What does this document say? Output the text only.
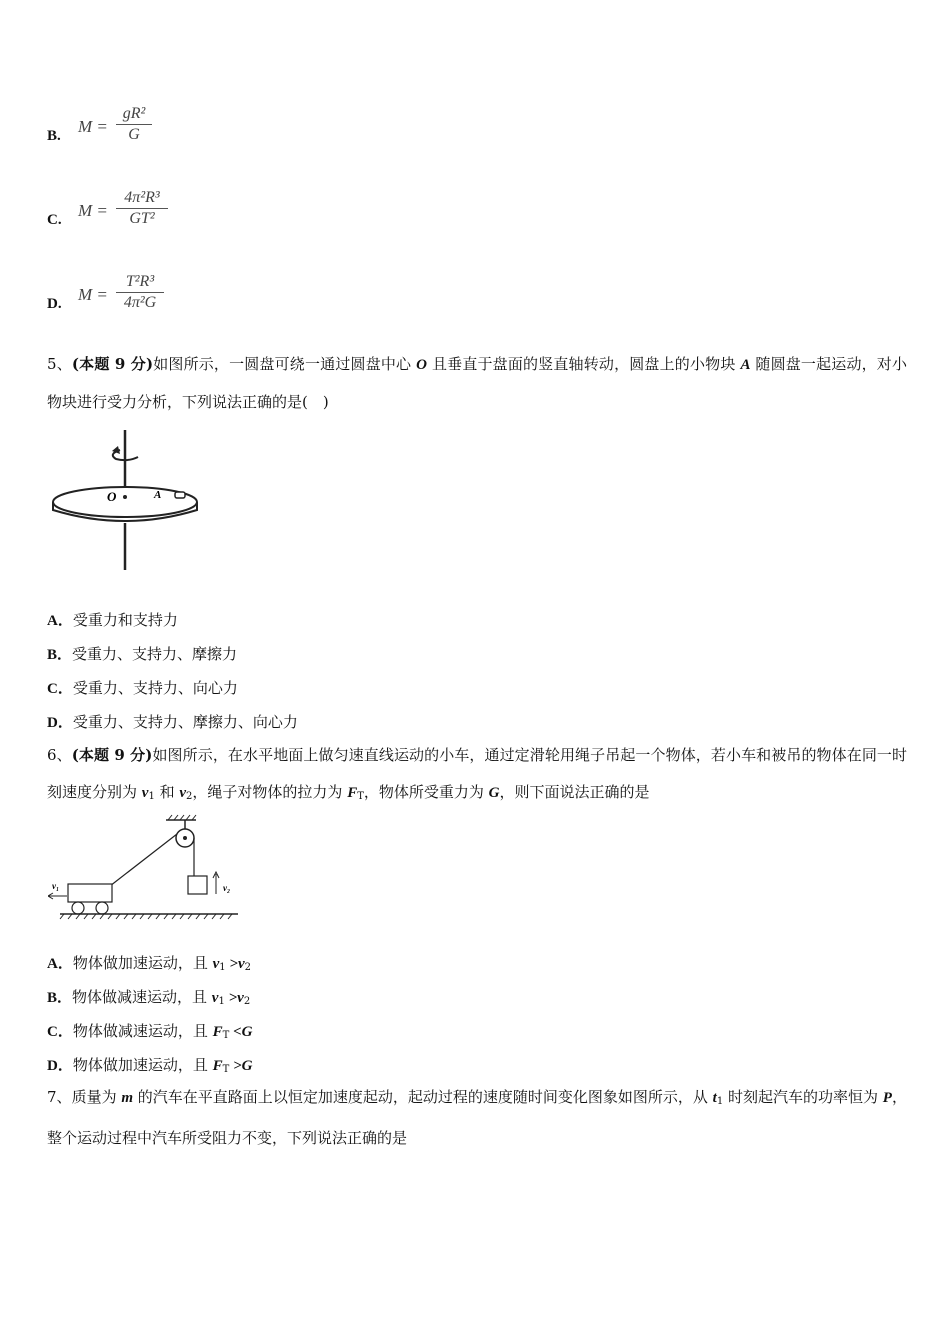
B. M =
gR²
G
C. M =
4π²R³
GT²
D. M =
T²R³
4π²G
5、(本题 9 分)如图所示，一圆盘可绕一通过圆盘中心 O 且垂直于盘面的竖直轴转动，圆盘上的小物块 A 随圆盘一起运动，对小物块进行受力分析，下列说法正确的是(　)
O	A
A．受重力和支持力
B．受重力、支持力、摩擦力
C．受重力、支持力、向心力
D．受重力、支持力、摩擦力、向心力
6、(本题 9 分)如图所示，在水平地面上做匀速直线运动的小车，通过定滑轮用绳子吊起一个物体，若小车和被吊的物体在同一时刻速度分别为 $v_1$ 和 $v_2$，绳子对物体的拉力为 $F_T$，物体所受重力为 G，则下面说法正确的是
v₂
v₁
A．物体做加速运动，且 $v_1 >v_2$
B．物体做减速运动，且 $v_1 >v_2$
C．物体做减速运动，且 $F_T <G$
D．物体做加速运动，且 $F_T >G$
7、质量为 m 的汽车在平直路面上以恒定加速度起动，起动过程的速度随时间变化图象如图所示，从 $t_1$ 时刻起汽车的功率恒为 P，整个运动过程中汽车所受阻力不变，下列说法正确的是
